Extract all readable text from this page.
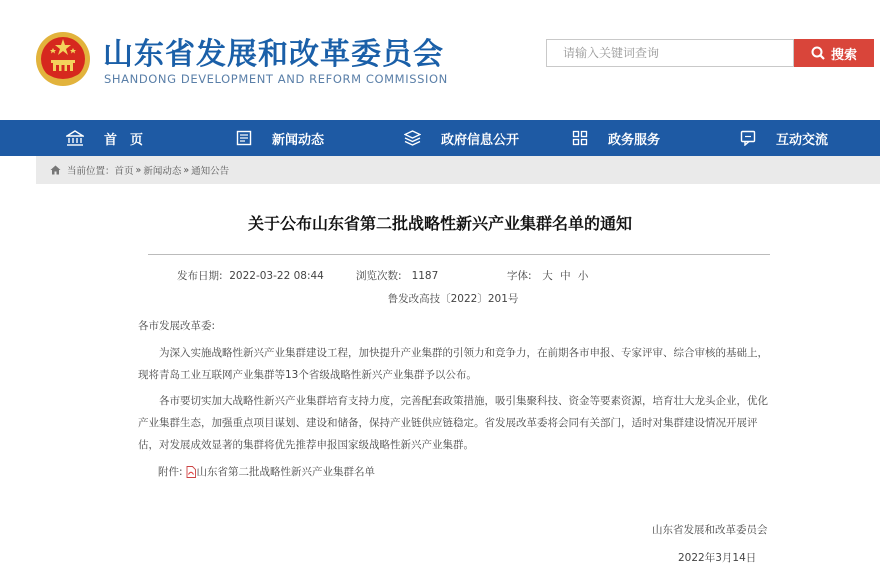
山东省发展和改革委员会
SHANDONG DEVELOPMENT AND REFORM COMMISSION
请输入关键词查询
搜索
首　页	新闻动态	政府信息公开	政务服务	互动交流
当前位置： 首页 » 新闻动态 » 通知公告
关于公布山东省第二批战略性新兴产业集群名单的通知
发布日期: 2022-03-22 08:44	浏览次数: 1187	字体: 大 中 小
鲁发改高技〔2022〕201号
各市发展改革委:
为深入实施战略性新兴产业集群建设工程，加快提升产业集群的引领力和竞争力，在前期各市申报、专家评审、综合审核的基础上，现将青岛工业互联网产业集群等13个省级战略性新兴产业集群予以公布。
各市要切实加大战略性新兴产业集群培育支持力度，完善配套政策措施，吸引集聚科技、资金等要素资源，培育壮大龙头企业，优化产业集群生态，加强重点项目谋划、建设和储备，保持产业链供应链稳定。省发展改革委将会同有关部门，适时对集群建设情况开展评估，对发展成效显著的集群将优先推荐申报国家级战略性新兴产业集群。
附件: 山东省第二批战略性新兴产业集群名单
山东省发展和改革委员会
2022年3月14日
